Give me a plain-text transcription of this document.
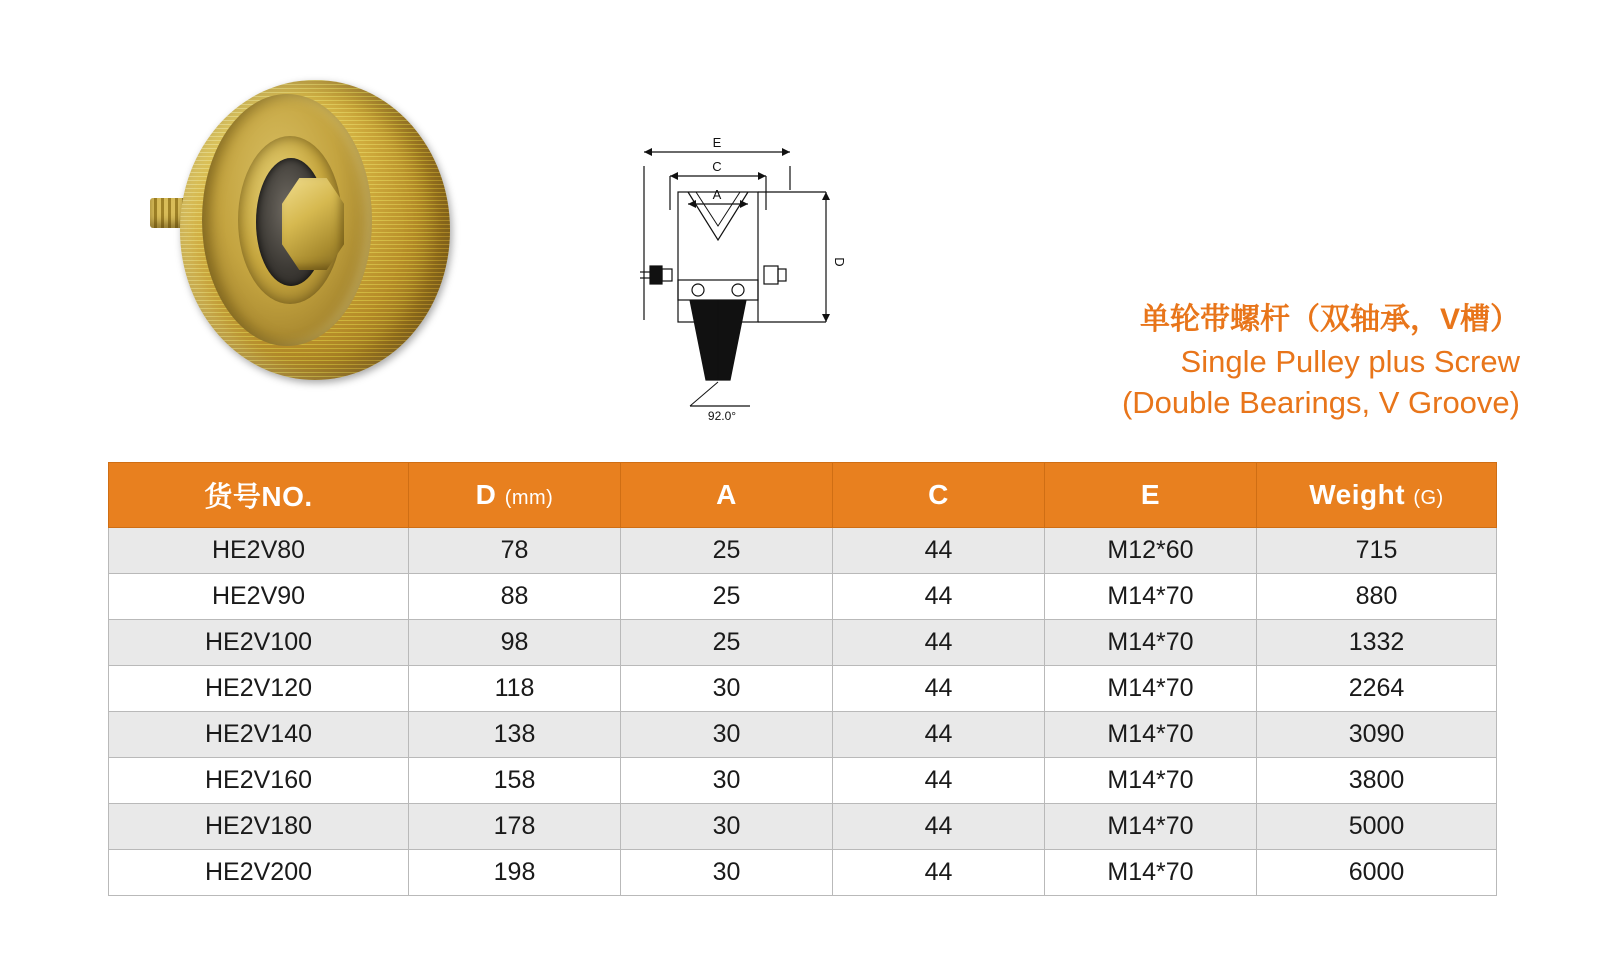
E
C
A
D
92.0°
单轮带螺杆（双轴承，V槽）
Single Pulley plus Screw
(Double Bearings, V Groove)
货号NO.	D (mm)	A	C	E	Weight (G)
HE2V80	78	25	44	M12*60	715
HE2V90	88	25	44	M14*70	880
HE2V100	98	25	44	M14*70	1332
HE2V120	118	30	44	M14*70	2264
HE2V140	138	30	44	M14*70	3090
HE2V160	158	30	44	M14*70	3800
HE2V180	178	30	44	M14*70	5000
HE2V200	198	30	44	M14*70	6000
